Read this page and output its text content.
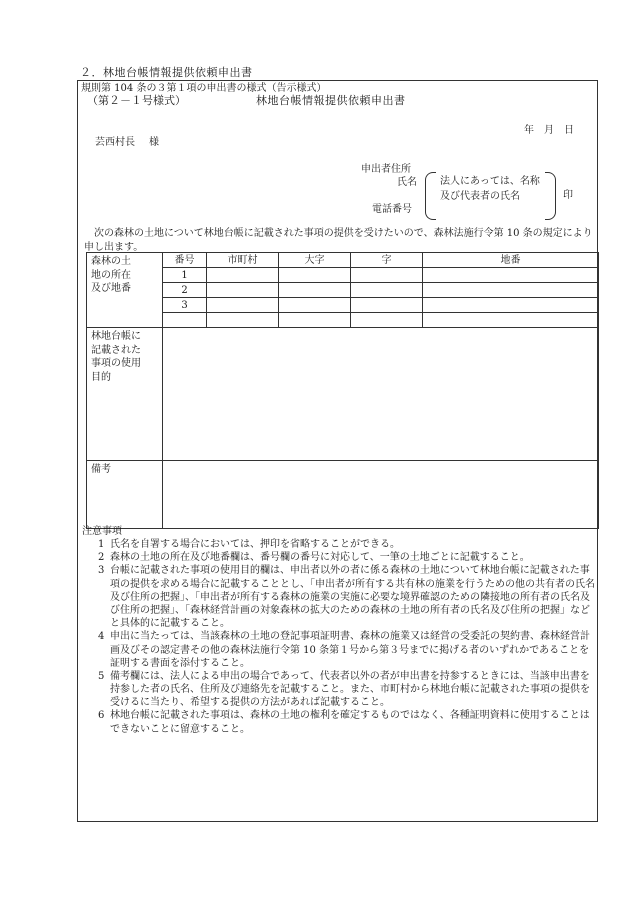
２．林地台帳情報提供依頼申出書
規則第 104 条の３第１項の申出書の様式（告示様式）
（第２－１号様式）	林地台帳情報提供依頼申出書
年 月 日
芸西村長 様
申出者住所
氏名
電話番号
法人にあっては、名称
及び代表者の氏名	印
次の森林の土地について林地台帳に記載された事項の提供を受けたいので、森林法施行令第 10 条の規定により申し出ます。
森林の土
地の所在
及び地番	番号	市町村	大字	字	地番
	1				
	2				
	3				

林地台帳に
記載された
事項の使用
目的					

備考					

注意事項

1 氏名を自署する場合においては、押印を省略することができる。

2 森林の土地の所在及び地番欄は、番号欄の番号に対応して、一筆の土地ごとに記載すること。

3 台帳に記載された事項の使用目的欄は、申出者以外の者に係る森林の土地について林地台帳に記載された事項の提供を求める場合に記載することとし、「申出者が所有する共有林の施業を行うための他の共有者の氏名及び住所の把握」、「申出者が所有する森林の施業の実施に必要な境界確認のための隣接地の所有者の氏名及び住所の把握」、「森林経営計画の対象森林の拡大のための森林の土地の所有者の氏名及び住所の把握」などと具体的に記載すること。

4 申出に当たっては、当該森林の土地の登記事項証明書、森林の施業又は経営の受委託の契約書、森林経営計画及びその認定書その他の森林法施行令第 10 条第１号から第３号までに掲げる者のいずれかであることを証明する書面を添付すること。

5 備考欄には、法人による申出の場合であって、代表者以外の者が申出書を持参するときには、当該申出書を持参した者の氏名、住所及び連絡先を記載すること。また、市町村から林地台帳に記載された事項の提供を受けるに当たり、希望する提供の方法があれば記載すること。

6 林地台帳に記載された事項は、森林の土地の権利を確定するものではなく、各種証明資料に使用することはできないことに留意すること。
